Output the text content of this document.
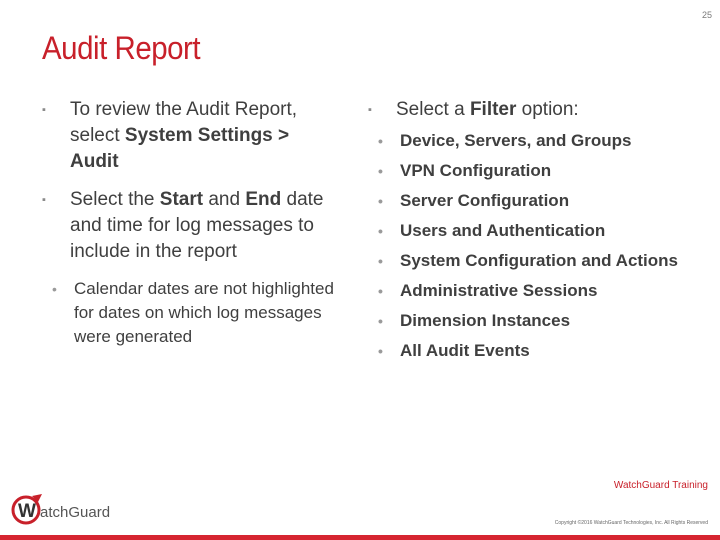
25
Audit Report
▪ To review the Audit Report, select System Settings > Audit
▪ Select the Start and End date and time for log messages to include in the report
• Calendar dates are not highlighted for dates on which log messages were generated
▪ Select a Filter option:
• Device, Servers, and Groups
• VPN Configuration
• Server Configuration
• Users and Authentication
• System Configuration and Actions
• Administrative Sessions
• Dimension Instances
• All Audit Events
W atchGuard
WatchGuard Training
Copyright ©2016 WatchGuard Technologies, Inc. All Rights Reserved
